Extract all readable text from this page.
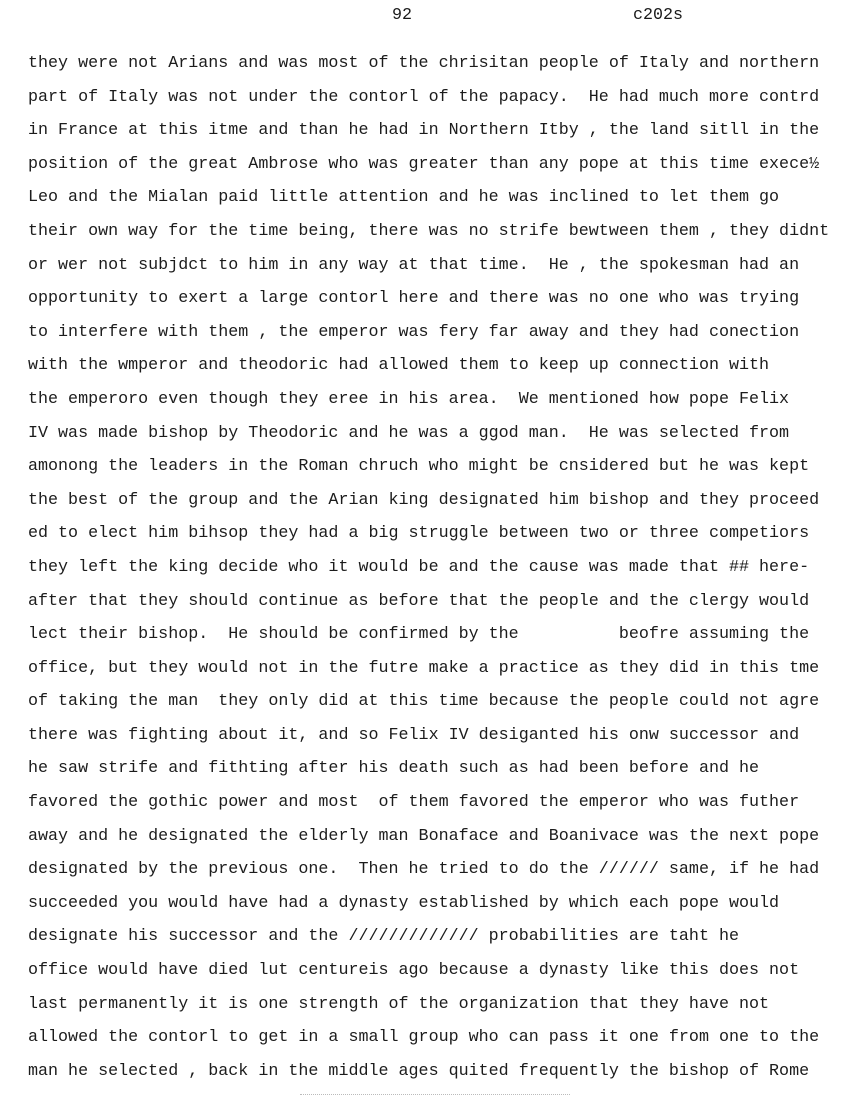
92	c202s
they were not Arians and was most of the chrisitan people of Italy and northern
part of Italy was not under the contorl of the papacy.  He had much more contrd
in France at this itme and than he had in Northern Itby , the land sitll in the
position of the great Ambrose who was greater than any pope at this time exece½
Leo and the Mialan paid little attention and he was inclined to let them go
their own way for the time being, there was no strife bewtween them , they didnt
or wer not subjdct to him in any way at that time.  He , the spokesman had an
opportunity to exert a large contorl here and there was no one who was trying
to interfere with them , the emperor was fery far away and they had conection
with the wmperor and theodoric had allowed them to keep up connection with
the emperoro even though they eree in his area.  We mentioned how pope Felix
IV was made bishop by Theodoric and he was a ggod man.  He was selected from
amonong the leaders in the Roman chruch who might be cnsidered but he was kept
the best of the group and the Arian king designated him bishop and they proceed
ed to elect him bihsop they had a big struggle between two or three competiors
they left the king decide who it would be and the cause was made that ## here-
after that they should continue as before that the people and the clergy would
lect their bishop.  He should be confirmed by the          beofre assuming the
office, but they would not in the futre make a practice as they did in this tme
of taking the man  they only did at this time because the people could not agre
there was fighting about it, and so Felix IV desiganted his onw successor and
he saw strife and fithting after his death such as had been before and he
favored the gothic power and most  of them favored the emperor who was futher
away and he designated the elderly man Bonaface and Boanivace was the next pope
designated by the previous one.  Then he tried to do the ////// same, if he had
succeeded you would have had a dynasty established by which each pope would
designate his successor and the ///////////// probabilities are taht he
office would have died lut centureis ago because a dynasty like this does not
last permanently it is one strength of the organization that they have not
allowed the contorl to get in a small group who can pass it one from one to the
man he selected , back in the middle ages quited frequently the bishop of Rome
